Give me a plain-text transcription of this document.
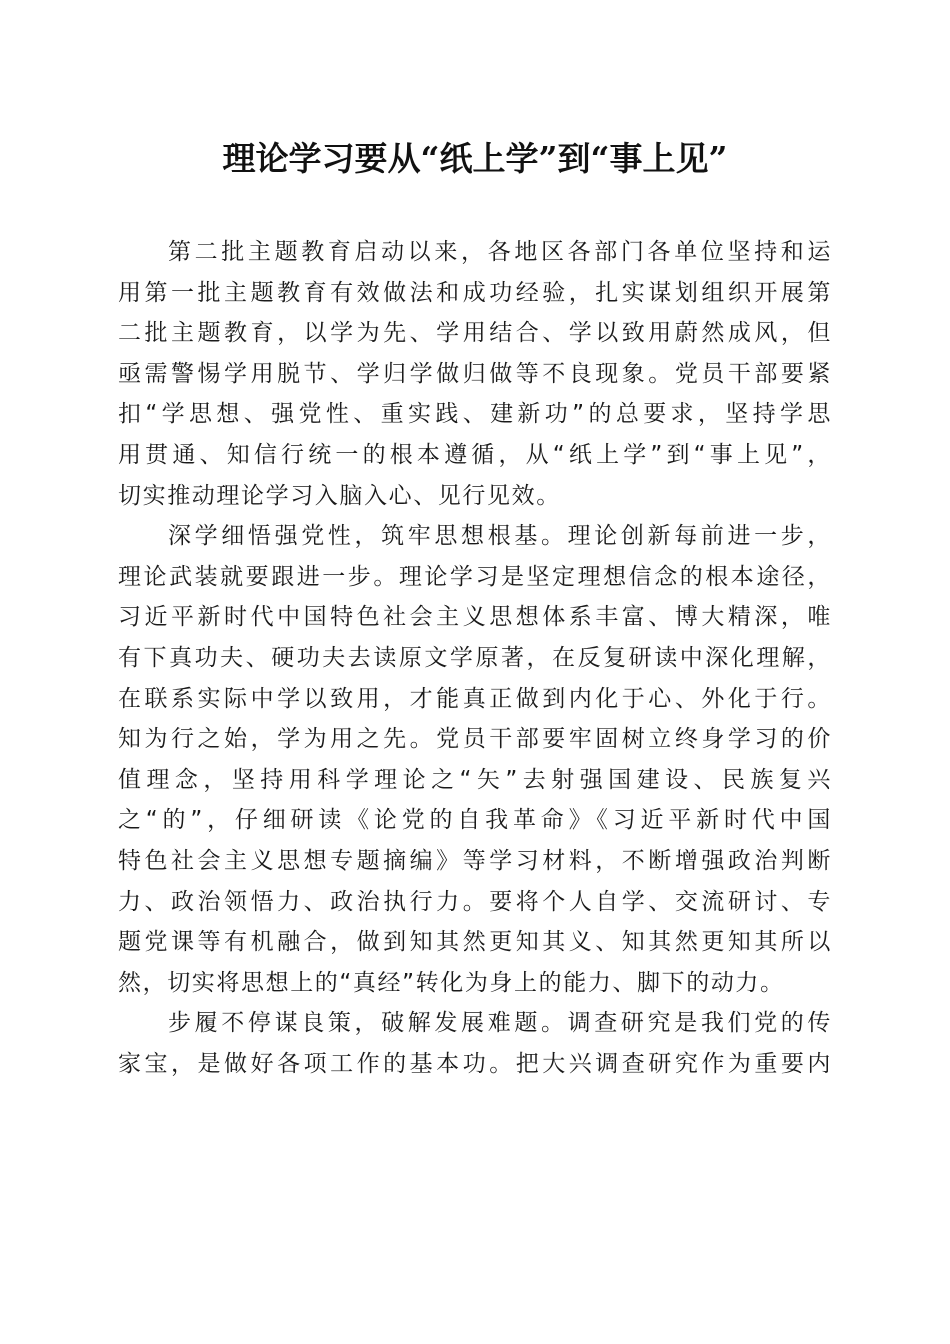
理论学习要从“纸上学”到“事上见”
第二批主题教育启动以来，各地区各部门各单位坚持和运
用第一批主题教育有效做法和成功经验，扎实谋划组织开展第
二批主题教育，以学为先、学用结合、学以致用蔚然成风，但
亟需警惕学用脱节、学归学做归做等不良现象。党员干部要紧
扣“学思想、强党性、重实践、建新功”的总要求，坚持学思
用贯通、知信行统一的根本遵循，从“纸上学”到“事上见”，
切实推动理论学习入脑入心、见行见效。
深学细悟强党性，筑牢思想根基。理论创新每前进一步，
理论武装就要跟进一步。理论学习是坚定理想信念的根本途径，
习近平新时代中国特色社会主义思想体系丰富、博大精深，唯
有下真功夫、硬功夫去读原文学原著，在反复研读中深化理解，
在联系实际中学以致用，才能真正做到内化于心、外化于行。
知为行之始，学为用之先。党员干部要牢固树立终身学习的价
值理念，坚持用科学理论之“矢”去射强国建设、民族复兴
之“的”，仔细研读《论党的自我革命》《习近平新时代中国
特色社会主义思想专题摘编》等学习材料，不断增强政治判断
力、政治领悟力、政治执行力。要将个人自学、交流研讨、专
题党课等有机融合，做到知其然更知其义、知其然更知其所以
然，切实将思想上的“真经”转化为身上的能力、脚下的动力。
步履不停谋良策，破解发展难题。调查研究是我们党的传
家宝，是做好各项工作的基本功。把大兴调查研究作为重要内
